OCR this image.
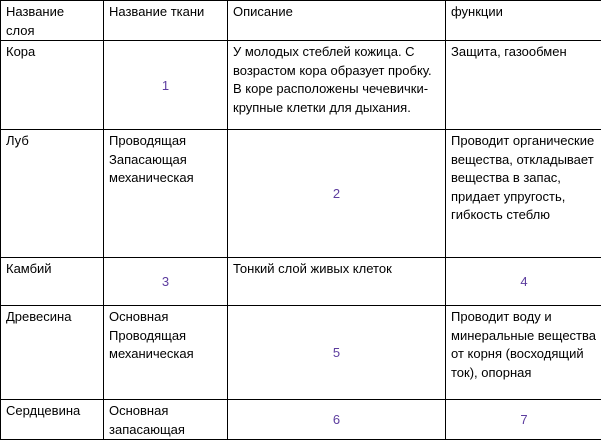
Название слоя	Название ткани	Описание	функции

Кора	1	У молодых стеблей кожица. С возрастом кора образует пробку. В коре расположены чечевички- крупные клетки для дыхания.	Защита, газообмен

Луб	Проводящая
Запасающая
механическая	2	Проводит органические вещества, откладывает вещества в запас, придает упругость, гибкость стеблю

Камбий	3	Тонкий слой живых клеток	4

Древесина	Основная
Проводящая
механическая	5	Проводит воду и минеральные вещества от корня (восходящий ток), опорная

Сердцевина	Основная
запасающая	6	7
